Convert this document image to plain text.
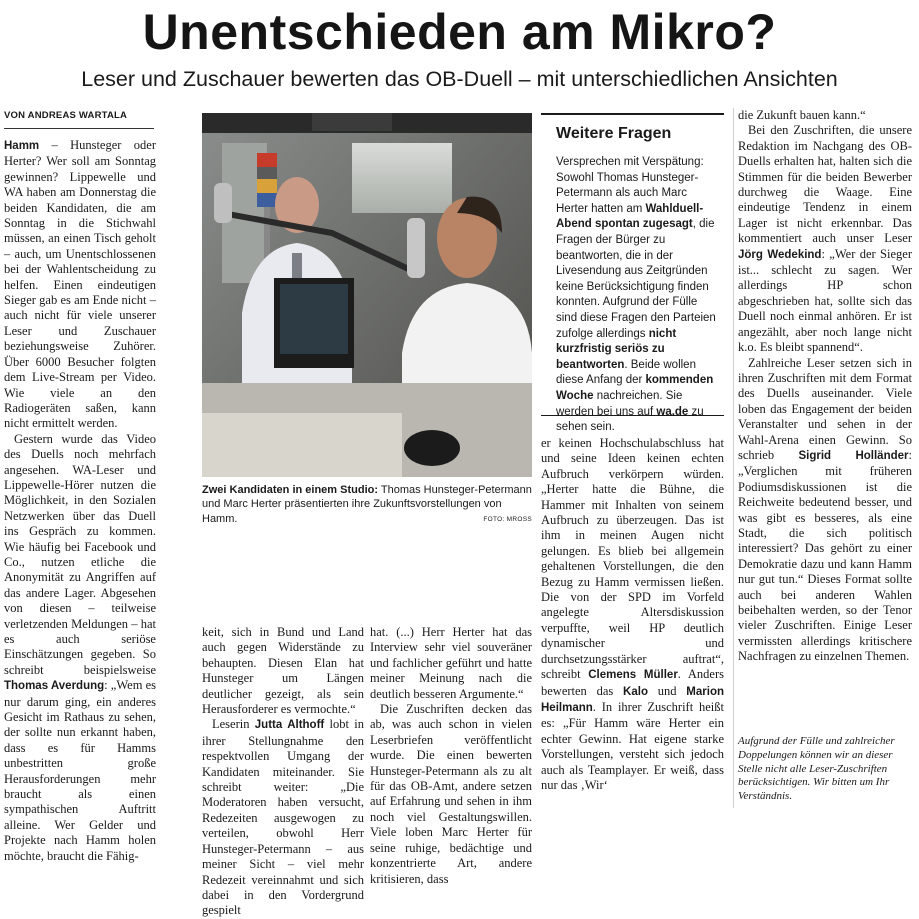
Unentschieden am Mikro?
Leser und Zuschauer bewerten das OB-Duell – mit unterschiedlichen Ansichten
VON ANDREAS WARTALA

Hamm – Hunsteger oder Herter? Wer soll am Sonntag gewinnen? Lippewelle und WA haben am Donnerstag die beiden Kandidaten, die am Sonntag in die Stichwahl müssen, an einen Tisch geholt – auch, um Unentschlossenen bei der Wahlentscheidung zu helfen. Einen eindeutigen Sieger gab es am Ende nicht – auch nicht für viele unserer Leser und Zuschauer beziehungsweise Zuhörer. Über 6000 Besucher folgten dem Live-Stream per Video. Wie viele an den Radiogeräten saßen, kann nicht ermittelt werden.

Gestern wurde das Video des Duells noch mehrfach angesehen. WA-Leser und Lippewelle-Hörer nutzen die Möglichkeit, in den Sozialen Netzwerken über das Duell ins Gespräch zu kommen. Wie häufig bei Facebook und Co., nutzen etliche die Anonymität zu Angriffen auf das andere Lager. Abgesehen von diesen – teilweise verletzenden Meldungen – hat es auch seriöse Einschätzungen gegeben. So schreibt beispielsweise Thomas Averdung: „Wem es nur darum ging, ein anderes Gesicht im Rathaus zu sehen, der sollte nun erkannt haben, dass es für Hamms unbestritten große Herausforderungen mehr braucht als einen sympathischen Auftritt alleine. Wer Gelder und Projekte nach Hamm holen möchte, braucht die Fähig-

Zwei Kandidaten in einem Studio: Thomas Hunsteger-Petermann und Marc Herter präsentierten ihre Zukunftsvorstellungen von Hamm.	FOTO: MROSS

keit, sich in Bund und Land auch gegen Widerstände zu behaupten. Diesen Elan hat Hunsteger um Längen deutlicher gezeigt, als sein Herausforderer es vermochte.“

Leserin Jutta Althoff lobt in ihrer Stellungnahme den respektvollen Umgang der Kandidaten miteinander. Sie schreibt weiter: „Die Moderatoren haben versucht, Redezeiten ausgewogen zu verteilen, obwohl Herr Hunsteger-Petermann – aus meiner Sicht – viel mehr Redezeit vereinnahmt und sich dabei in den Vordergrund gespielt

hat. (...) Herr Herter hat das Interview sehr viel souveräner und fachlicher geführt und hatte meiner Meinung nach die deutlich besseren Argumente.“

Die Zuschriften decken das ab, was auch schon in vielen Leserbriefen veröffentlicht wurde. Die einen bewerten Hunsteger-Petermann als zu alt für das OB-Amt, andere setzen auf Erfahrung und sehen in ihm noch viel Gestaltungswillen. Viele loben Marc Herter für seine ruhige, bedächtige und konzentrierte Art, andere kritisieren, dass

Weitere Fragen
Versprechen mit Verspätung: Sowohl Thomas Hunsteger-Petermann als auch Marc Herter hatten am Wahlduell-Abend spontan zugesagt, die Fragen der Bürger zu beantworten, die in der Livesendung aus Zeitgründen keine Berücksichtigung finden konnten. Aufgrund der Fülle sind diese Fragen den Parteien zufolge allerdings nicht kurzfristig seriös zu beantworten. Beide wollen diese Anfang der kommenden Woche nachreichen. Sie werden bei uns auf wa.de zu sehen sein.

er keinen Hochschulabschluss hat und seine Ideen keinen echten Aufbruch verkörpern würden. „Herter hatte die Bühne, die Hammer mit Inhalten von seinem Aufbruch zu überzeugen. Das ist ihm in meinen Augen nicht gelungen. Es blieb bei allgemein gehaltenen Vorstellungen, die den Bezug zu Hamm vermissen ließen. Die von der SPD im Vorfeld angelegte Altersdiskussion verpuffte, weil HP deutlich dynamischer und durchsetzungsstärker auftrat“, schreibt Clemens Müller. Anders bewerten das Kalo und Marion Heilmann. In ihrer Zuschrift heißt es: „Für Hamm wäre Herter ein echter Gewinn. Hat eigene starke Vorstellungen, versteht sich jedoch auch als Teamplayer. Er weiß, dass nur das ‚Wir‘

die Zukunft bauen kann.“

Bei den Zuschriften, die unsere Redaktion im Nachgang des OB-Duells erhalten hat, halten sich die Stimmen für die beiden Bewerber durchweg die Waage. Eine eindeutige Tendenz in einem Lager ist nicht erkennbar. Das kommentiert auch unser Leser Jörg Wedekind: „Wer der Sieger ist... schlecht zu sagen. Wer allerdings HP schon abgeschrieben hat, sollte sich das Duell noch einmal anhören. Er ist angezählt, aber noch lange nicht k.o. Es bleibt spannend“.

Zahlreiche Leser setzen sich in ihren Zuschriften mit dem Format des Duells auseinander. Viele loben das Engagement der beiden Veranstalter und sehen in der Wahl-Arena einen Gewinn. So schrieb Sigrid Holländer: „Verglichen mit früheren Podiumsdiskussionen ist die Reichweite bedeutend besser, und was gibt es besseres, als eine Stadt, die sich politisch interessiert? Das gehört zu einer Demokratie dazu und kann Hamm nur gut tun.“ Dieses Format sollte auch bei anderen Wahlen beibehalten werden, so der Tenor vieler Zuschriften. Einige Leser vermissten allerdings kritischere Nachfragen zu einzelnen Themen.

Aufgrund der Fülle und zahlreicher Doppelungen können wir an dieser Stelle nicht alle Leser-Zuschriften berücksichtigen. Wir bitten um Ihr Verständnis.
